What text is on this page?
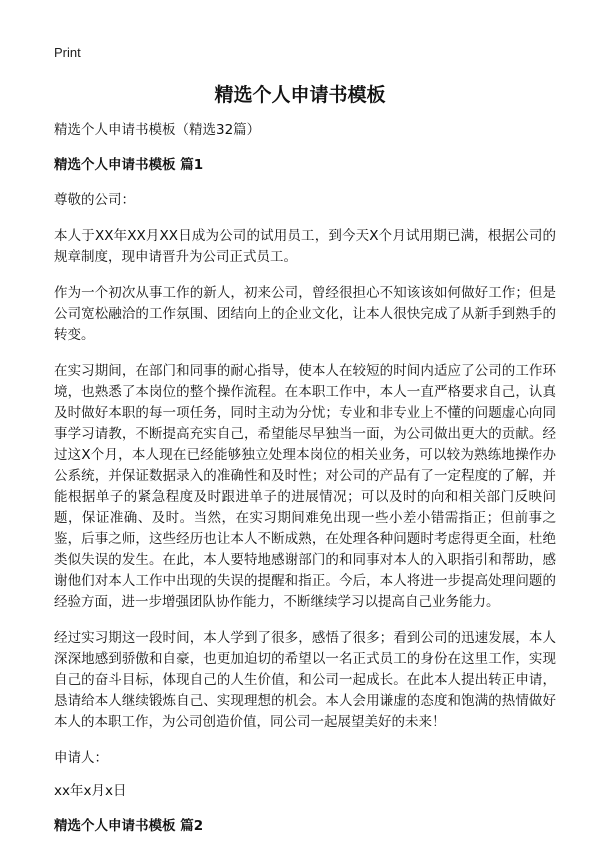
Print
精选个人申请书模板

精选个人申请书模板（精选32篇）

精选个人申请书模板 篇1

尊敬的公司：

本人于XX年XX月XX日成为公司的试用员工，到今天X个月试用期已满，根据公司的规章制度，现申请晋升为公司正式员工。

作为一个初次从事工作的新人，初来公司，曾经很担心不知该该如何做好工作；但是公司宽松融洽的工作氛围、团结向上的企业文化，让本人很快完成了从新手到熟手的转变。

在实习期间，在部门和同事的耐心指导，使本人在较短的时间内适应了公司的工作环境，也熟悉了本岗位的整个操作流程。在本职工作中，本人一直严格要求自己，认真及时做好本职的每一项任务，同时主动为分忧；专业和非专业上不懂的问题虚心向同事学习请教，不断提高充实自己，希望能尽早独当一面，为公司做出更大的贡献。经过这X个月，本人现在已经能够独立处理本岗位的相关业务，可以较为熟练地操作办公系统，并保证数据录入的准确性和及时性；对公司的产品有了一定程度的了解，并能根据单子的紧急程度及时跟进单子的进展情况；可以及时的向和相关部门反映问题，保证准确、及时。当然，在实习期间难免出现一些小差小错需指正；但前事之鉴，后事之师，这些经历也让本人不断成熟，在处理各种问题时考虑得更全面，杜绝类似失误的发生。在此，本人要特地感谢部门的和同事对本人的入职指引和帮助，感谢他们对本人工作中出现的失误的提醒和指正。今后，本人将进一步提高处理问题的经验方面，进一步增强团队协作能力，不断继续学习以提高自己业务能力。

经过实习期这一段时间，本人学到了很多，感悟了很多；看到公司的迅速发展，本人深深地感到骄傲和自豪，也更加迫切的希望以一名正式员工的身份在这里工作，实现自己的奋斗目标，体现自己的人生价值，和公司一起成长。在此本人提出转正申请，恳请给本人继续锻炼自己、实现理想的机会。本人会用谦虚的态度和饱满的热情做好本人的本职工作，为公司创造价值，同公司一起展望美好的未来！

申请人：

xx年x月x日

精选个人申请书模板 篇2
